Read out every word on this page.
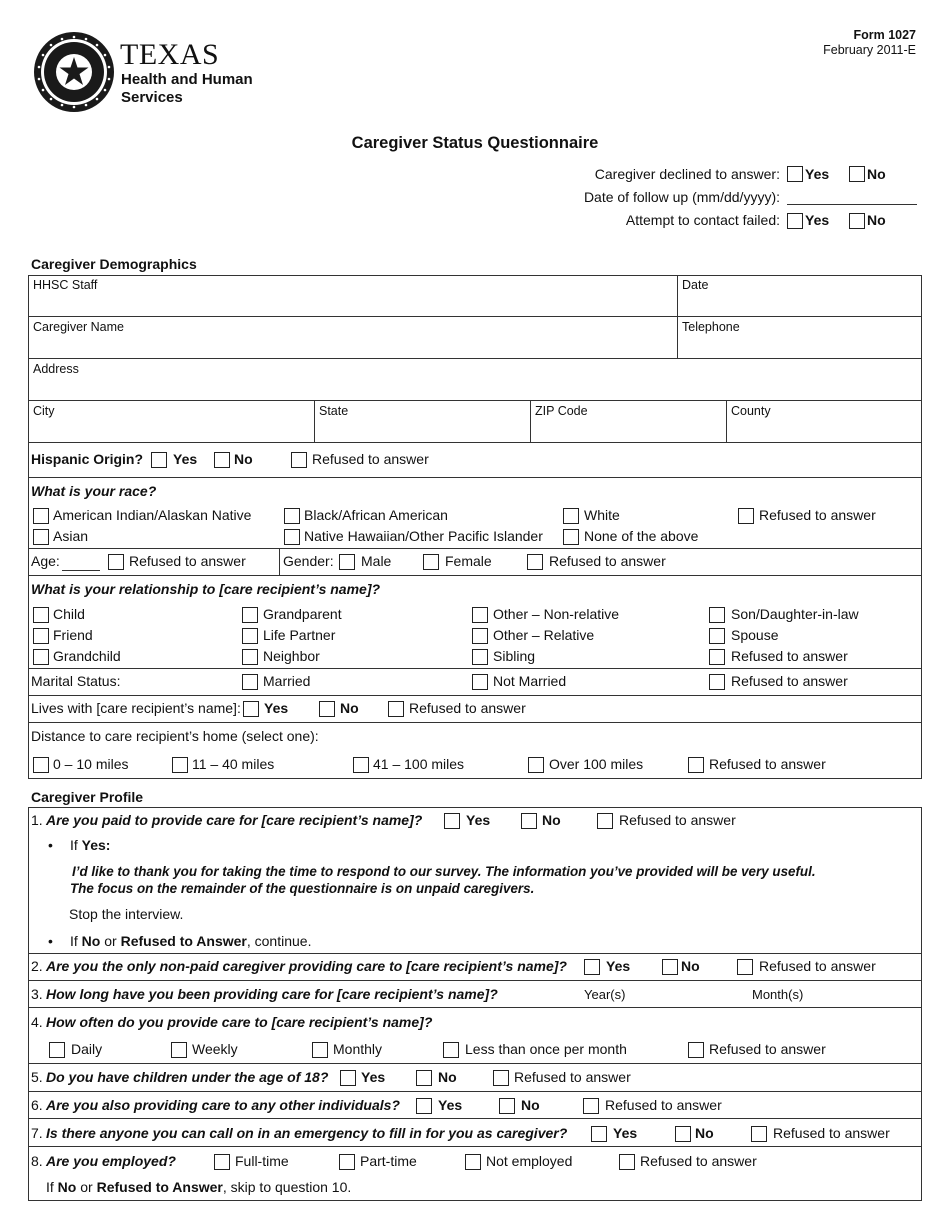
TEXAS
Health and Human
Services
Form 1027
February 2011-E
Caregiver Status Questionnaire
Caregiver declined to answer: Yes	No
Date of follow up (mm/dd/yyyy):
Attempt to contact failed: Yes	No
Caregiver Demographics
HHSC Staff	Date
Caregiver Name	Telephone
Address
City	State	ZIP Code	County
Hispanic Origin? Yes	No	Refused to answer
What is your race?
American Indian/Alaskan Native	Black/African American	White	Refused to answer
Asian	Native Hawaiian/Other Pacific Islander	None of the above
Age:	Refused to answer	Gender: Male	Female	Refused to answer
What is your relationship to [care recipient’s name]?
Child	Grandparent	Other – Non-relative	Son/Daughter-in-law
Friend	Life Partner	Other – Relative	Spouse
Grandchild	Neighbor	Sibling	Refused to answer
Marital Status:	Married	Not Married	Refused to answer
Lives with [care recipient’s name]: Yes	No	Refused to answer
Distance to care recipient’s home (select one):
0 – 10 miles	11 – 40 miles	41 – 100 miles	Over 100 miles	Refused to answer
Caregiver Profile
1. Are you paid to provide care for [care recipient’s name]?	Yes	No	Refused to answer
• If Yes:
I’d like to thank you for taking the time to respond to our survey. The information you’ve provided will be very useful.
The focus on the remainder of the questionnaire is on unpaid caregivers.
Stop the interview.
• If No or Refused to Answer, continue.
2. Are you the only non-paid caregiver providing care to [care recipient’s name]?	Yes	No	Refused to answer
3. How long have you been providing care for [care recipient’s name]?	Year(s)	Month(s)
4. How often do you provide care to [care recipient’s name]?
Daily	Weekly	Monthly	Less than once per month	Refused to answer
5. Do you have children under the age of 18? Yes	No	Refused to answer
6. Are you also providing care to any other individuals?	Yes	No	Refused to answer
7. Is there anyone you can call on in an emergency to fill in for you as caregiver?	Yes	No	Refused to answer
8. Are you employed?	Full-time	Part-time	Not employed	Refused to answer
If No or Refused to Answer, skip to question 10.
